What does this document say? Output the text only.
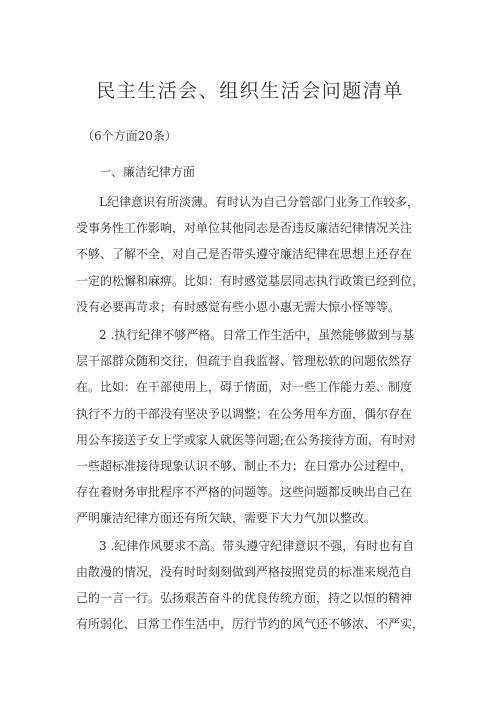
民主生活会、组织生活会问题清单
（6个方面20条）
一、廉洁纪律方面
L纪律意识有所淡薄。有时认为自己分管部门业务工作较多，
受事务性工作影响，对单位其他同志是否违反廉洁纪律情况关注
不够、了解不全，对自己是否带头遵守廉洁纪律在思想上还存在
一定的松懈和麻痹。比如：有时感觉基层同志执行政策已经到位，
没有必要再苛求；有时感觉有些小恩小惠无需大惊小怪等等。
2 .执行纪律不够严格。日常工作生活中，虽然能够做到与基
层干部群众随和交往，但疏于自我监督、管理松软的问题依然存
在。比如：在干部使用上，碍于情面，对一些工作能力差、制度
执行不力的干部没有坚决予以调整；在公务用车方面，偶尔存在
用公车接送子女上学或家人就医等问题;在公务接待方面，有时对
一些超标准接待现象认识不够、制止不力；在日常办公过程中，
存在着财务审批程序不严格的问题等。这些问题都反映出自己在
严明廉洁纪律方面还有所欠缺，需要下大力气加以整改。
3 .纪律作风要求不高。带头遵守纪律意识不强，有时也有自
由散漫的情况，没有时时刻刻做到严格按照党员的标准来规范自
己的一言一行。弘扬艰苦奋斗的优良传统方面，持之以恒的精神
有所弱化，日常工作生活中，厉行节约的风气还不够浓、不严实，
